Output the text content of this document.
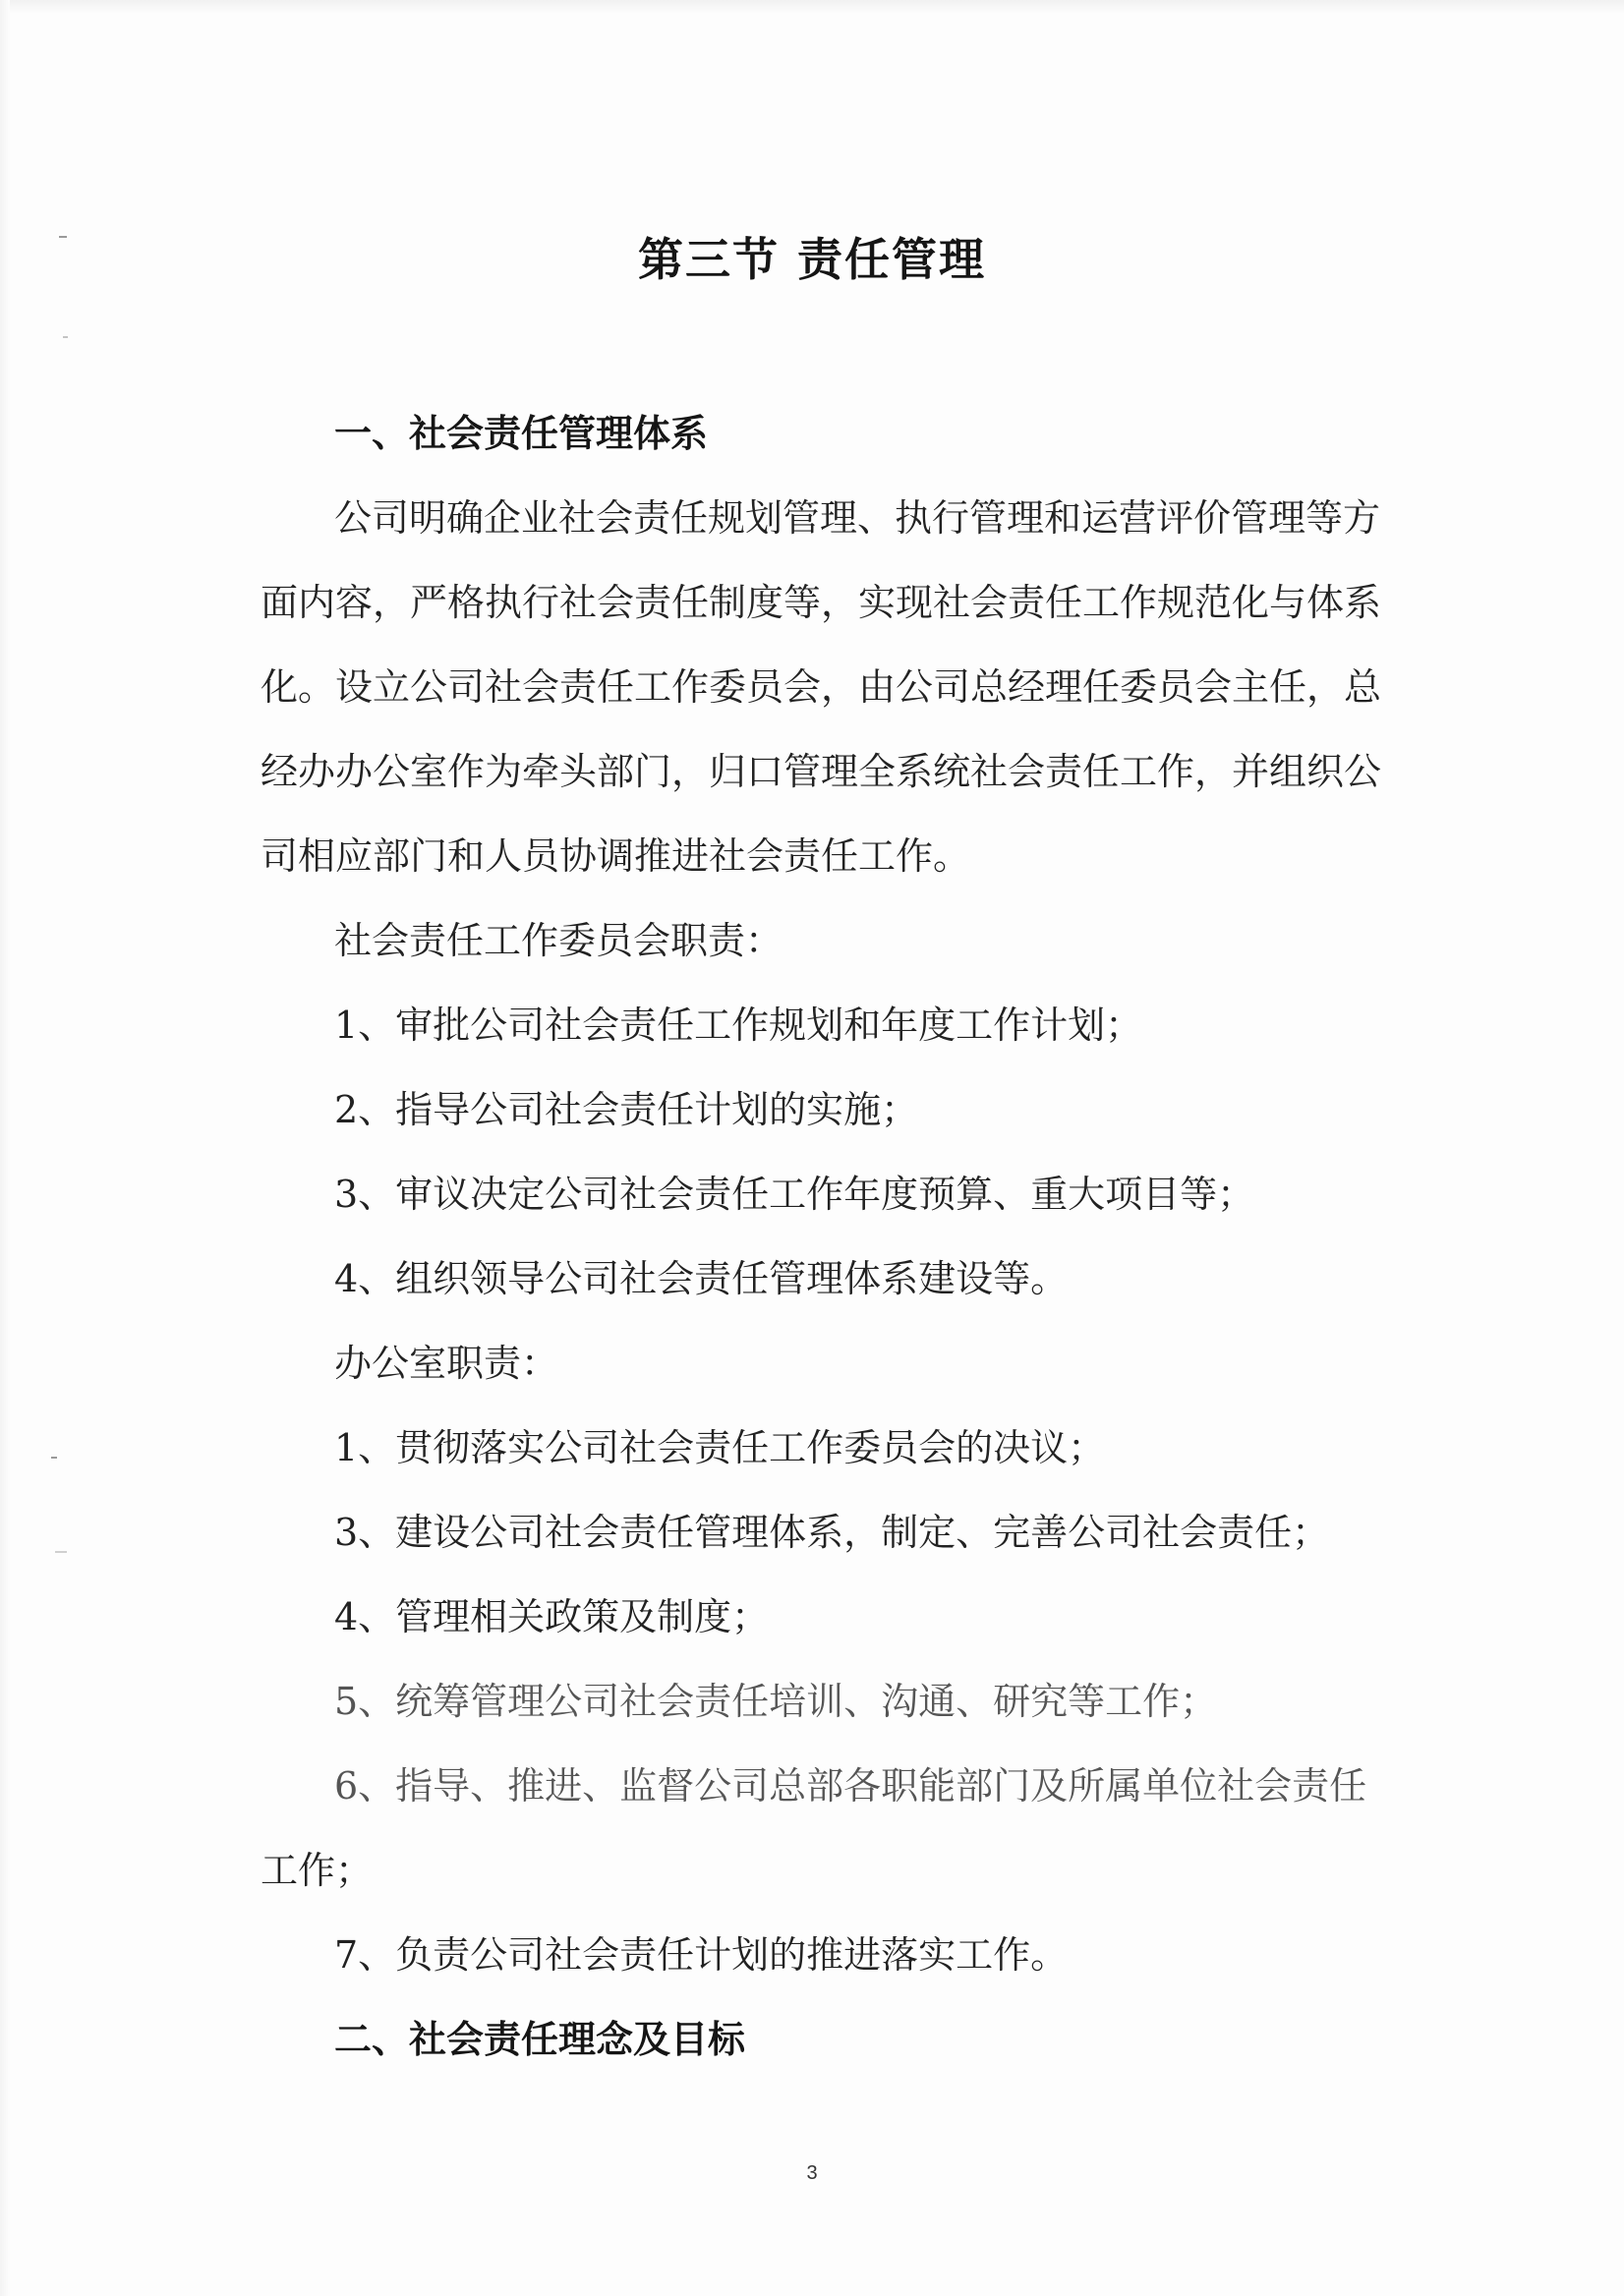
第三节 责任管理
一、社会责任管理体系
公司明确企业社会责任规划管理、执行管理和运营评价管理等方
面内容，严格执行社会责任制度等，实现社会责任工作规范化与体系
化。设立公司社会责任工作委员会，由公司总经理任委员会主任，总
经办办公室作为牵头部门，归口管理全系统社会责任工作，并组织公
司相应部门和人员协调推进社会责任工作。
社会责任工作委员会职责：
1、审批公司社会责任工作规划和年度工作计划；
2、指导公司社会责任计划的实施；
3、审议决定公司社会责任工作年度预算、重大项目等；
4、组织领导公司社会责任管理体系建设等。
办公室职责：
1、贯彻落实公司社会责任工作委员会的决议；
3、建设公司社会责任管理体系，制定、完善公司社会责任；
4、管理相关政策及制度；
5、统筹管理公司社会责任培训、沟通、研究等工作；
6、指导、推进、监督公司总部各职能部门及所属单位社会责任
工作；
7、负责公司社会责任计划的推进落实工作。
二、社会责任理念及目标
3
